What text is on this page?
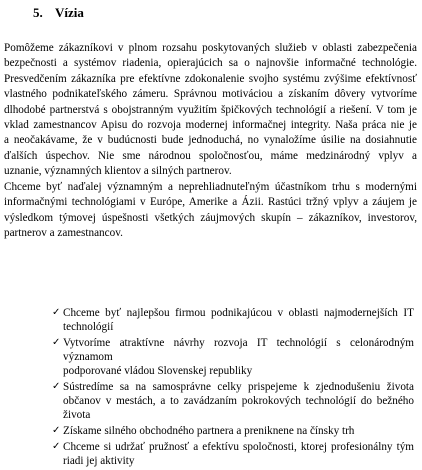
5. Vízia
Pomôžeme zákazníkovi v plnom rozsahu poskytovaných služieb v oblasti zabezpečenia
bezpečnosti a systémov riadenia, opierajúcich sa o najnovšie informačné technológie.
Presvedčením zákazníka pre efektívne zdokonalenie svojho systému zvýšime efektívnosť
vlastného podnikateľského zámeru. Správnou motiváciou a získaním dôvery vytvoríme
dlhodobé partnerstvá s obojstranným využitím špičkových technológií a riešení. V tom je
vklad zamestnancov Apisu do rozvoja modernej informačnej integrity. Naša práca nie je
a neočakávame, že v budúcnosti bude jednoduchá, no vynaložíme úsilie na dosiahnutie
ďalších úspechov. Nie sme národnou spoločnosťou, máme medzinárodný vplyv a
uznanie, významných klientov a silných partnerov.
Chceme byť naďalej významným a neprehliadnuteľným účastníkom trhu s modernými
informačnými technológiami v Európe, Amerike a Ázii. Rastúci tržný vplyv a záujem je
výsledkom týmovej úspešnosti všetkých záujmových skupín – zákazníkov, investorov,
partnerov a zamestnancov.
✓ Chceme byť najlepšou firmou podnikajúcou v oblasti najmodernejších IT
technológií
✓ Vytvoríme atraktívne návrhy rozvoja IT technológií s celonárodným významom
podporované vládou Slovenskej republiky
✓ Sústredíme sa na samosprávne celky prispejeme k zjednodušeniu života
občanov v mestách, a to zavádzaním pokrokových technológií do bežného
života
✓ Získame silného obchodného partnera a preniknene na čínsky trh
✓ Chceme si udržať pružnosť a efektívu spoločnosti, ktorej profesionálny tým
riadi jej aktivity
